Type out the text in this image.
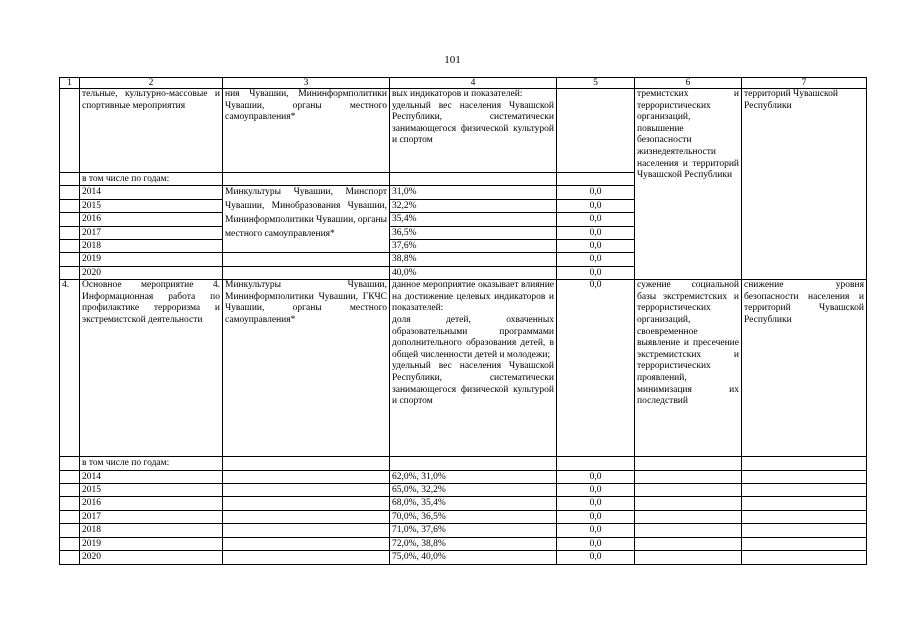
101
1	2	3	4	5	6	7
	тельные, культурно-массовые и спортивные мероприятия	ния Чувашии, Мининформполитики Чувашии, органы местного самоуправления*	вых индикаторов и показателей:
удельный вес населения Чувашской Республики, систематически занимающегося физической культурой и спортом		тремистских и террористических организаций, повышение безопасности жизнедеятельности населения и территорий Чувашской Республики	территорий Чувашской Республики
	в том числе по годам:					
	2014	Минкультуры Чувашии, Минспорт Чувашии, Минобразования Чувашии, Мининформполитики Чувашии, органы местного самоуправления*	31,0%	0,0		
	2015		32,2%	0,0		
	2016		35,4%	0,0		
	2017		36,5%	0,0		
	2018		37,6%	0,0		
	2019		38,8%	0,0		
	2020		40,0%	0,0		
4.	Основное мероприятие 4. Информационная работа по профилактике терроризма и экстремистской деятельности	Минкультуры Чувашии, Мининформполитики Чувашии, ГКЧС Чувашии, органы местного самоуправления*	данное мероприятие оказывает влияние на достижение целевых индикаторов и показателей:
доля детей, охваченных образовательными программами дополнительного образования детей, в общей численности детей и молодежи;
удельный вес населения Чувашской Республики, систематически занимающегося физической культурой и спортом	0,0	сужение социальной базы экстремистских и террористических организаций, своевременное выявление и пресечение экстремистских и террористических проявлений, минимизация их последствий	снижение уровня безопасности населения и территорий Чувашской Республики
	в том числе по годам:					
	2014		62,0%, 31,0%	0,0		
	2015		65,0%, 32,2%	0,0		
	2016		68,0%, 35,4%	0,0		
	2017		70,0%, 36,5%	0,0		
	2018		71,0%, 37,6%	0,0		
	2019		72,0%, 38,8%	0,0		
	2020		75,0%, 40,0%	0,0		
